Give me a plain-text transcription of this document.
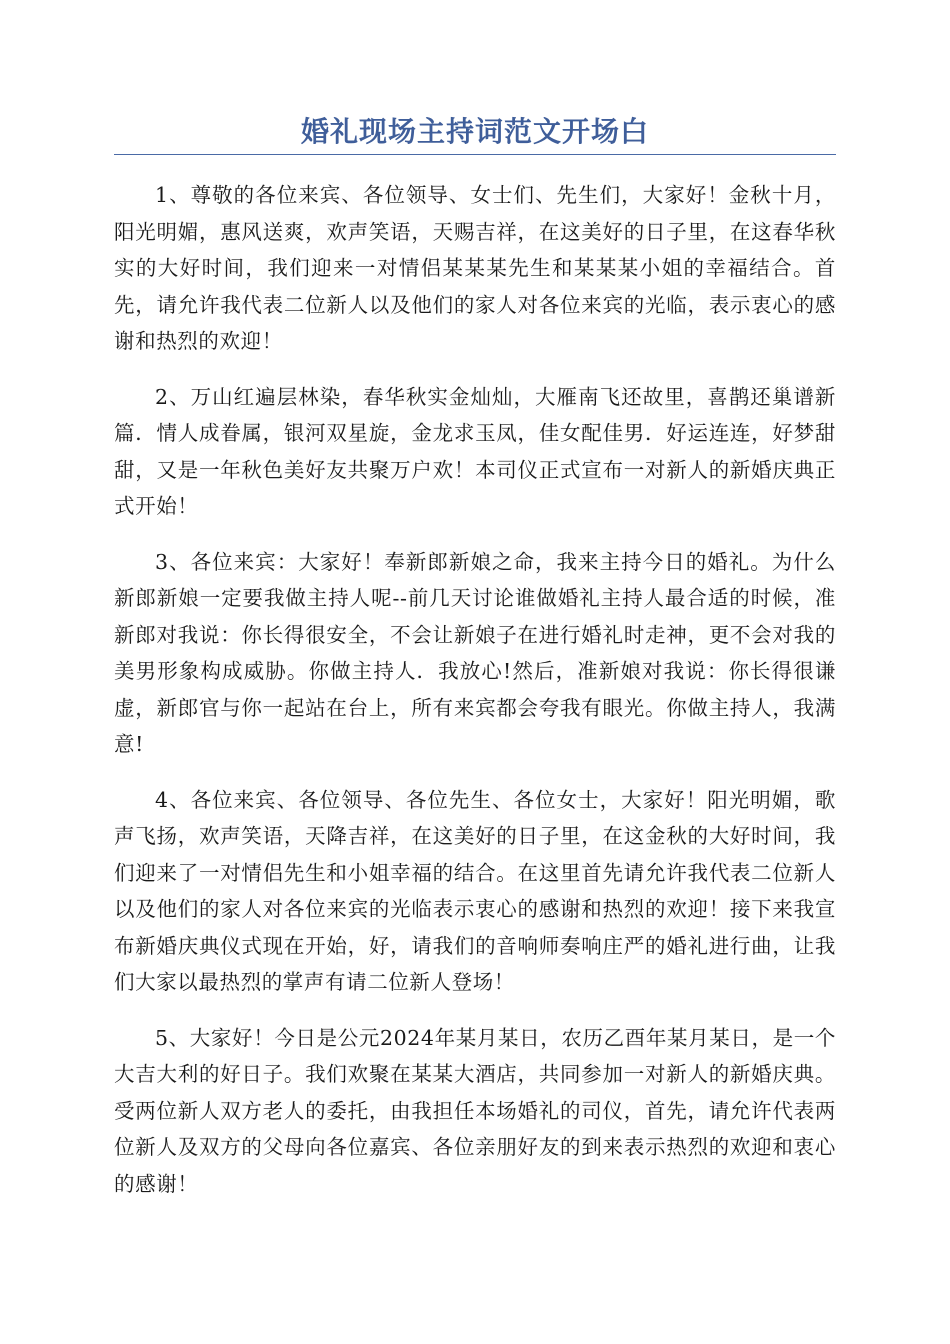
婚礼现场主持词范文开场白

1、尊敬的各位来宾、各位领导、女士们、先生们，大家好！金秋十月，阳光明媚，惠风送爽，欢声笑语，天赐吉祥，在这美好的日子里，在这春华秋实的大好时间，我们迎来一对情侣某某某先生和某某某小姐的幸福结合。首先，请允许我代表二位新人以及他们的家人对各位来宾的光临，表示衷心的感谢和热烈的欢迎！

2、万山红遍层林染，春华秋实金灿灿，大雁南飞还故里，喜鹊还巢谱新篇．情人成眷属，银河双星旋，金龙求玉凤，佳女配佳男．好运连连，好梦甜甜，又是一年秋色美好友共聚万户欢！本司仪正式宣布一对新人的新婚庆典正式开始！

3、各位来宾：大家好！奉新郎新娘之命，我来主持今日的婚礼。为什么新郎新娘一定要我做主持人呢--前几天讨论谁做婚礼主持人最合适的时候，准新郎对我说：你长得很安全，不会让新娘子在进行婚礼时走神，更不会对我的美男形象构成威胁。你做主持人．我放心!然后，准新娘对我说：你长得很谦虚，新郎官与你一起站在台上，所有来宾都会夸我有眼光。你做主持人，我满意!

4、各位来宾、各位领导、各位先生、各位女士，大家好！阳光明媚，歌声飞扬，欢声笑语，天降吉祥，在这美好的日子里，在这金秋的大好时间，我们迎来了一对情侣先生和小姐幸福的结合。在这里首先请允许我代表二位新人以及他们的家人对各位来宾的光临表示衷心的感谢和热烈的欢迎！接下来我宣布新婚庆典仪式现在开始，好，请我们的音响师奏响庄严的婚礼进行曲，让我们大家以最热烈的掌声有请二位新人登场！

5、大家好！今日是公元2024年某月某日，农历乙酉年某月某日，是一个大吉大利的好日子。我们欢聚在某某大酒店，共同参加一对新人的新婚庆典。受两位新人双方老人的委托，由我担任本场婚礼的司仪，首先，请允许代表两位新人及双方的父母向各位嘉宾、各位亲朋好友的到来表示热烈的欢迎和衷心的感谢！
